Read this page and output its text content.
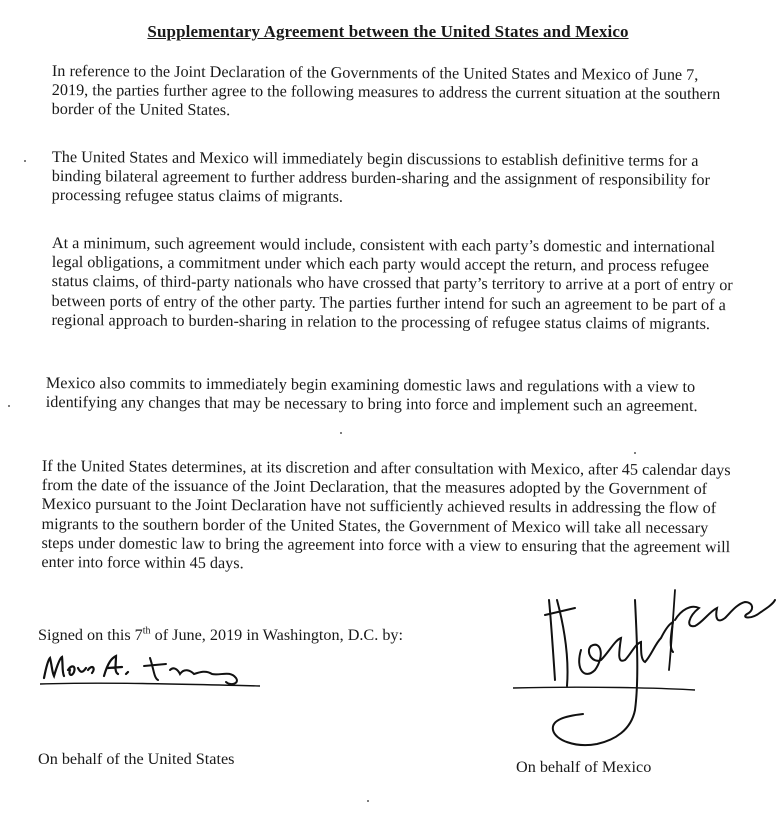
Supplementary Agreement between the United States and Mexico

In reference to the Joint Declaration of the Governments of the United States and Mexico of June 7, 2019, the parties further agree to the following measures to address the current situation at the southern border of the United States.

The United States and Mexico will immediately begin discussions to establish definitive terms for a binding bilateral agreement to further address burden-sharing and the assignment of responsibility for processing refugee status claims of migrants.

At a minimum, such agreement would include, consistent with each party’s domestic and international legal obligations, a commitment under which each party would accept the return, and process refugee status claims, of third-party nationals who have crossed that party’s territory to arrive at a port of entry or between ports of entry of the other party. The parties further intend for such an agreement to be part of a regional approach to burden-sharing in relation to the processing of refugee status claims of migrants.

Mexico also commits to immediately begin examining domestic laws and regulations with a view to identifying any changes that may be necessary to bring into force and implement such an agreement.

If the United States determines, at its discretion and after consultation with Mexico, after 45 calendar days from the date of the issuance of the Joint Declaration, that the measures adopted by the Government of Mexico pursuant to the Joint Declaration have not sufficiently achieved results in addressing the flow of migrants to the southern border of the United States, the Government of Mexico will take all necessary steps under domestic law to bring the agreement into force with a view to ensuring that the agreement will enter into force within 45 days.

Signed on this 7th of June, 2019 in Washington, D.C. by:
On behalf of the United States	On behalf of Mexico
